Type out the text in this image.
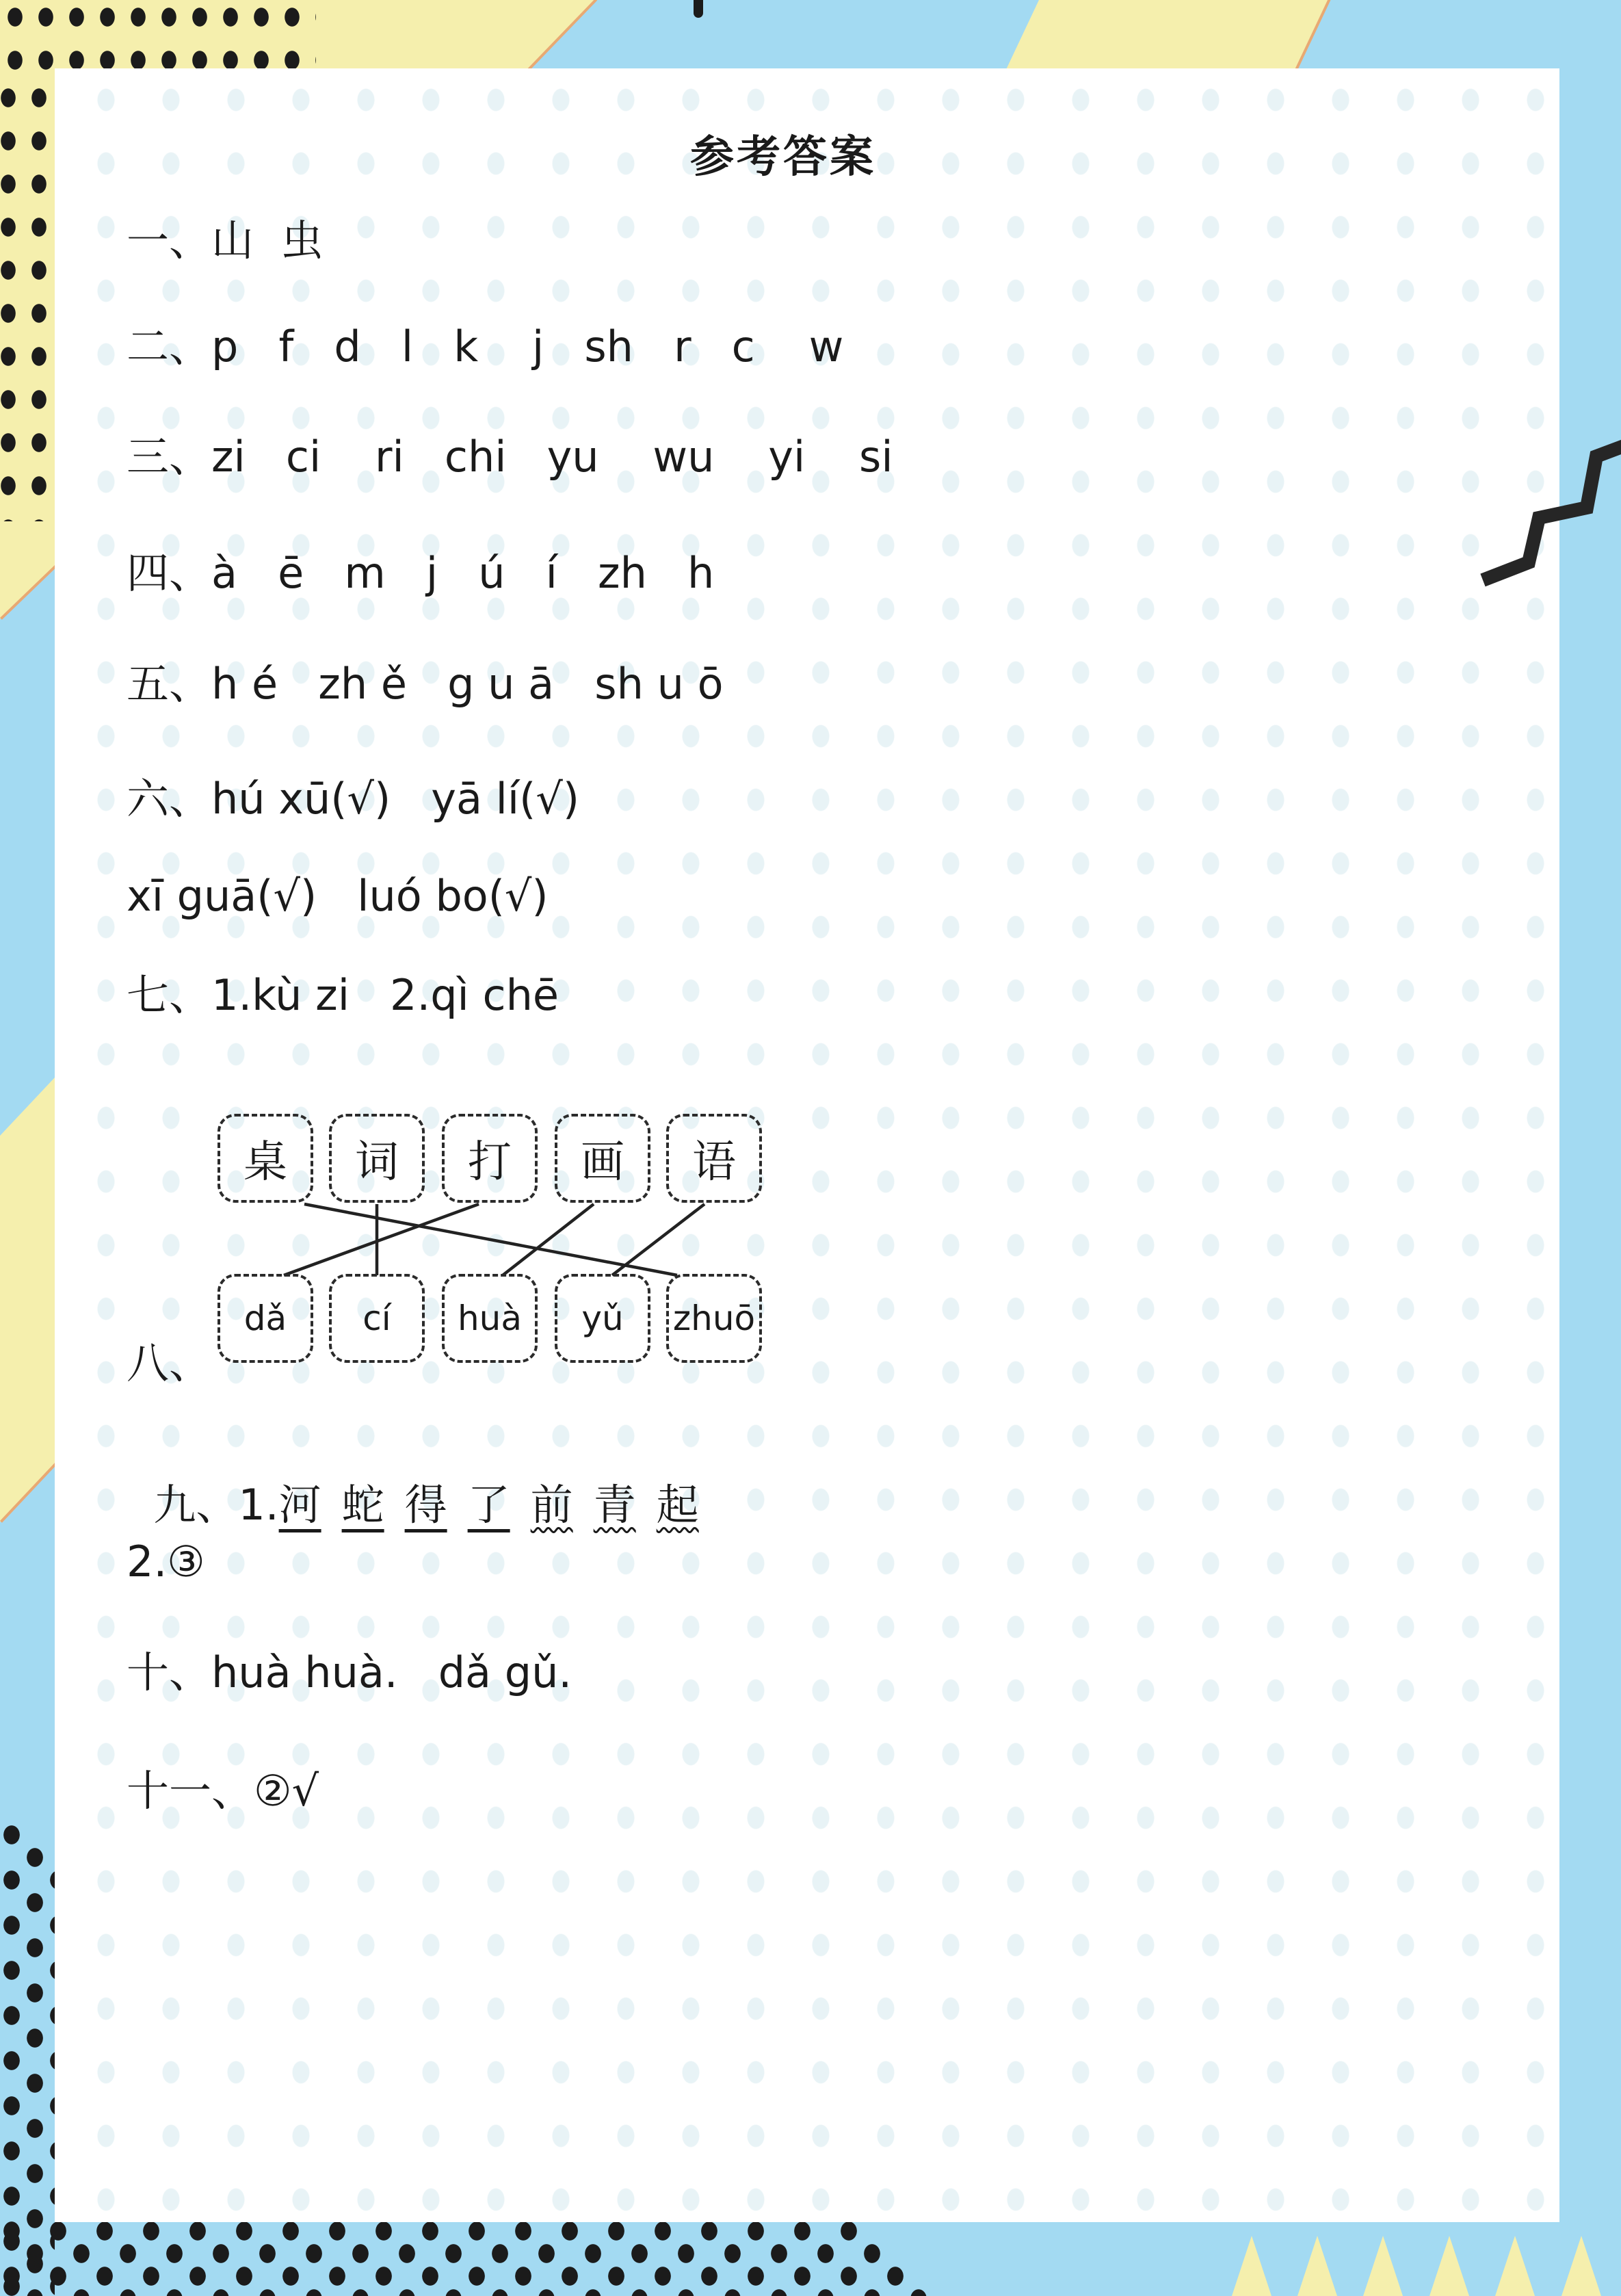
参考答案
一、山  虫
二、p   f   d   l   k    j   sh   r   c    w
三、zi   ci    ri   chi   yu    wu    yi    si
四、à   ē   m   j   ú   í   zh   h
五、h é   zh ě   g u ā   sh u ō
六、hú xū(√)   yā lí(√)
xī guā(√)   luó bo(√)
七、1.kù zi   2.qì chē
桌	词	打	画	语
dǎ	cí	huà	yǔ	zhuō
八、

九、1.河 蛇 得 了 前 青 起

2.③
十、huà huà.   dǎ gǔ.
十一、②√
